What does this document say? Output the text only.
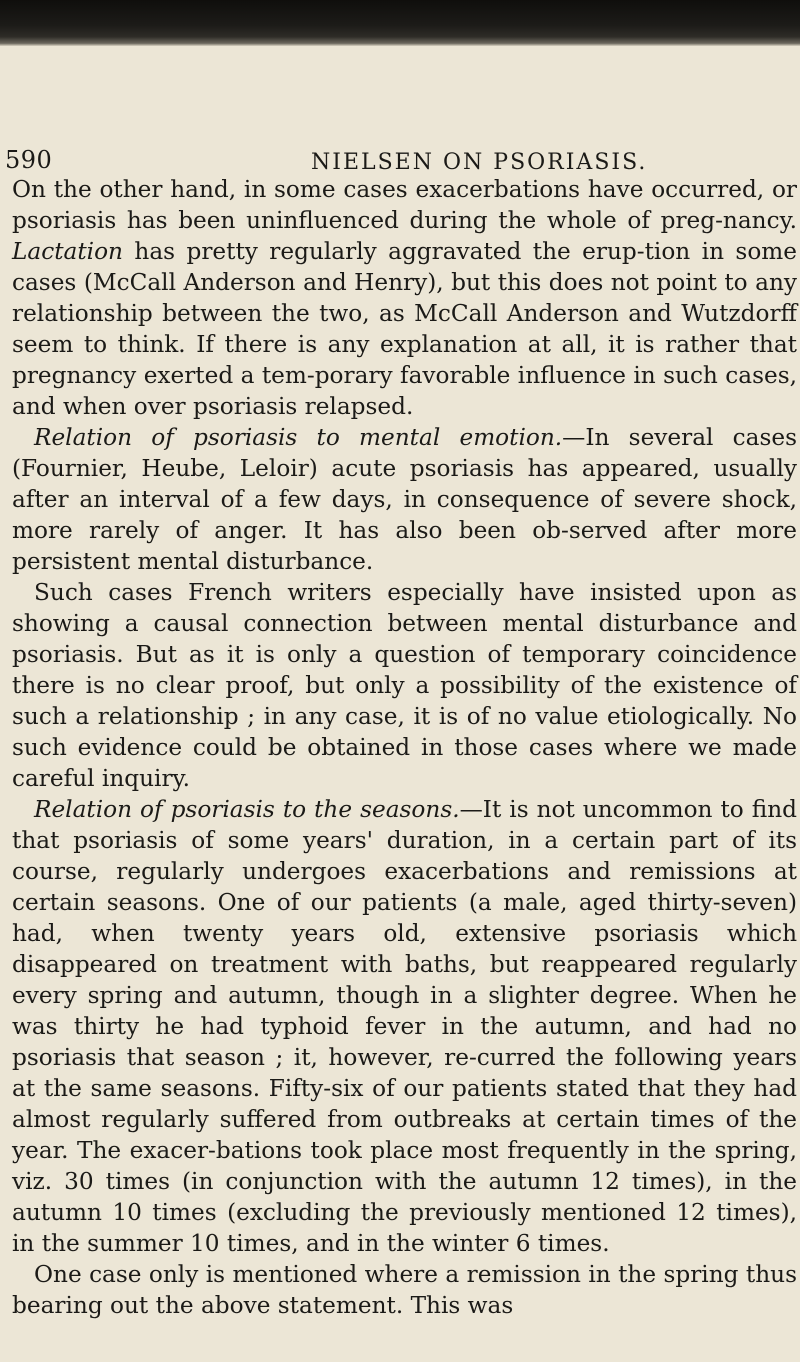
590	NIELSEN ON PSORIASIS.

On the other hand, in some cases exacerbations have occurred, or psoriasis has been uninfluenced during the whole of preg-nancy. Lactation has pretty regularly aggravated the erup-tion in some cases (McCall Anderson and Henry), but this does not point to any relationship between the two, as McCall Anderson and Wutzdorff seem to think. If there is any explanation at all, it is rather that pregnancy exerted a tem-porary favorable influence in such cases, and when over psoriasis relapsed.

Relation of psoriasis to mental emotion.—In several cases (Fournier, Heube, Leloir) acute psoriasis has appeared, usually after an interval of a few days, in consequence of severe shock, more rarely of anger. It has also been ob-served after more persistent mental disturbance.

Such cases French writers especially have insisted upon as showing a causal connection between mental disturbance and psoriasis. But as it is only a question of temporary coincidence there is no clear proof, but only a possibility of the existence of such a relationship ; in any case, it is of no value etiologically. No such evidence could be obtained in those cases where we made careful inquiry.

Relation of psoriasis to the seasons.—It is not uncommon to find that psoriasis of some years' duration, in a certain part of its course, regularly undergoes exacerbations and remissions at certain seasons. One of our patients (a male, aged thirty-seven) had, when twenty years old, extensive psoriasis which disappeared on treatment with baths, but reappeared regularly every spring and autumn, though in a slighter degree. When he was thirty he had typhoid fever in the autumn, and had no psoriasis that season ; it, however, re-curred the following years at the same seasons. Fifty-six of our patients stated that they had almost regularly suffered from outbreaks at certain times of the year. The exacer-bations took place most frequently in the spring, viz. 30 times (in conjunction with the autumn 12 times), in the autumn 10 times (excluding the previously mentioned 12 times), in the summer 10 times, and in the winter 6 times.

One case only is mentioned where a remission in the spring thus bearing out the above statement. This was
